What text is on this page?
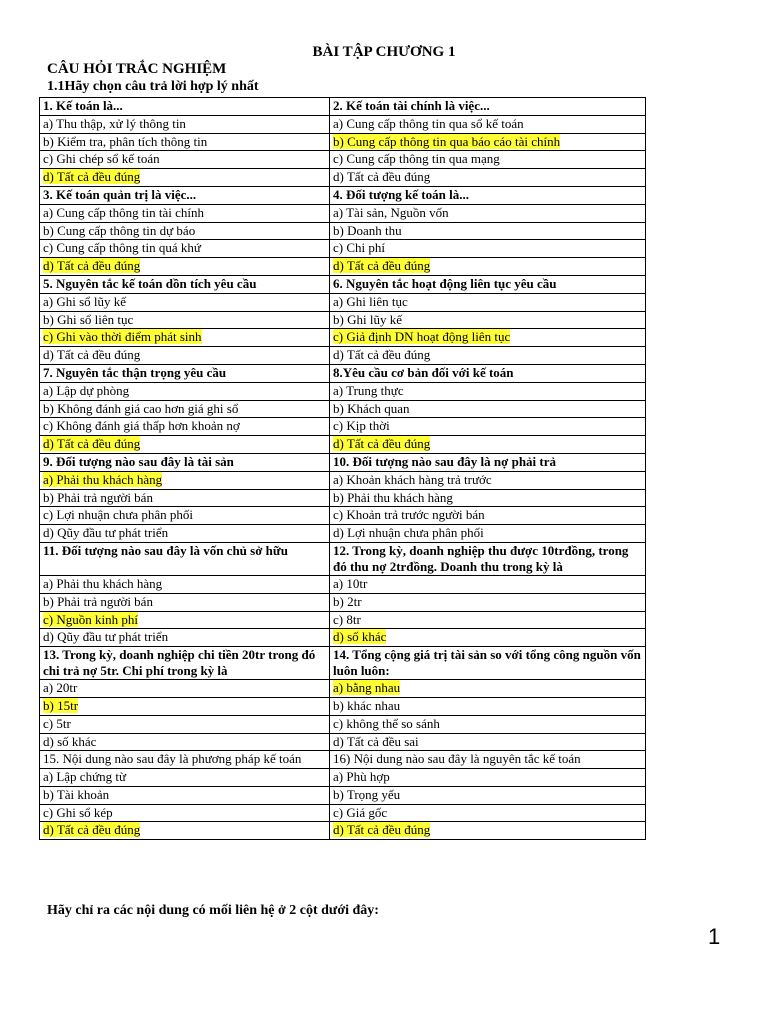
BÀI TẬP CHƯƠNG 1
CÂU HỎI TRẮC NGHIỆM
1.1Hãy chọn câu trả lời hợp lý nhất
1. Kế toán là...	2. Kế toán tài chính là việc...
a) Thu thập, xử lý thông tin	a) Cung cấp thông tin qua sổ kế toán
b) Kiểm tra, phân tích thông tin	b) Cung cấp thông tin qua báo cáo tài chính
c) Ghi chép sổ kế toán	c) Cung cấp thông tin qua mạng
d) Tất cả đều đúng	d) Tất cả đều đúng
3. Kế toán quản trị là việc...	4. Đối tượng kế toán là...
a) Cung cấp thông tin tài chính	a) Tài sản, Nguồn vốn
b) Cung cấp thông tin dự báo	b) Doanh thu
c) Cung cấp thông tin quá khứ	c) Chi phí
d) Tất cả đều đúng	d) Tất cả đều đúng
5. Nguyên tắc kế toán dồn tích yêu cầu	6. Nguyên tắc hoạt động liên tục yêu cầu
a) Ghi sổ lũy kế	a) Ghi liên tục
b) Ghi sổ liên tục	b) Ghi lũy kế
c) Ghi vào thời điểm phát sinh	c) Giả định DN hoạt động liên tục
d) Tất cả đều đúng	d) Tất cả đều đúng
7. Nguyên tắc thận trọng yêu cầu	8.Yêu cầu cơ bản đối với kế toán
a) Lập dự phòng	a) Trung thực
b) Không đánh giá cao hơn giá ghi sổ	b) Khách quan
c) Không đánh giá thấp hơn khoản nợ	c) Kịp thời
d) Tất cả đều đúng	d) Tất cả đều đúng
9. Đối tượng nào sau đây là tài sản	10. Đối tượng nào sau đây là nợ phải trả
a) Phải thu khách hàng	a) Khoản khách hàng trả trước
b) Phải trả người bán	b) Phải thu khách hàng
c) Lợi nhuận chưa phân phối	c) Khoản trả trước người bán
d) Qũy đầu tư phát triển	d) Lợi nhuận chưa phân phối
11. Đối tượng nào sau đây là vốn chủ sở hữu	12. Trong kỳ, doanh nghiệp thu được 10trđồng, trong đó thu nợ 2trđồng. Doanh thu trong kỳ là
a) Phải thu khách hàng	a) 10tr
b) Phải trả người bán	b) 2tr
c) Nguồn kinh phí	c) 8tr
d) Qũy đầu tư phát triển	d) số khác
13. Trong kỳ, doanh nghiệp chi tiền 20tr trong đó chi trả nợ 5tr. Chi phí trong kỳ là	14. Tổng cộng giá trị tài sản so với tổng công nguồn vốn luôn luôn:
a) 20tr	a) bằng nhau
b) 15tr	b) khác nhau
c) 5tr	c) không thể so sánh
d) số khác	d) Tất cả đều sai
15. Nội dung nào sau đây là phương pháp kế toán	16) Nội dung nào sau đây là nguyên tắc kế toán
a) Lập chứng từ	a) Phù hợp
b) Tài khoản	b) Trọng yếu
c) Ghi sổ kép	c) Giá gốc
d) Tất cả đều đúng	d) Tất cả đều đúng
Hãy chỉ ra các nội dung có mối liên hệ ở 2 cột dưới đây:
1
